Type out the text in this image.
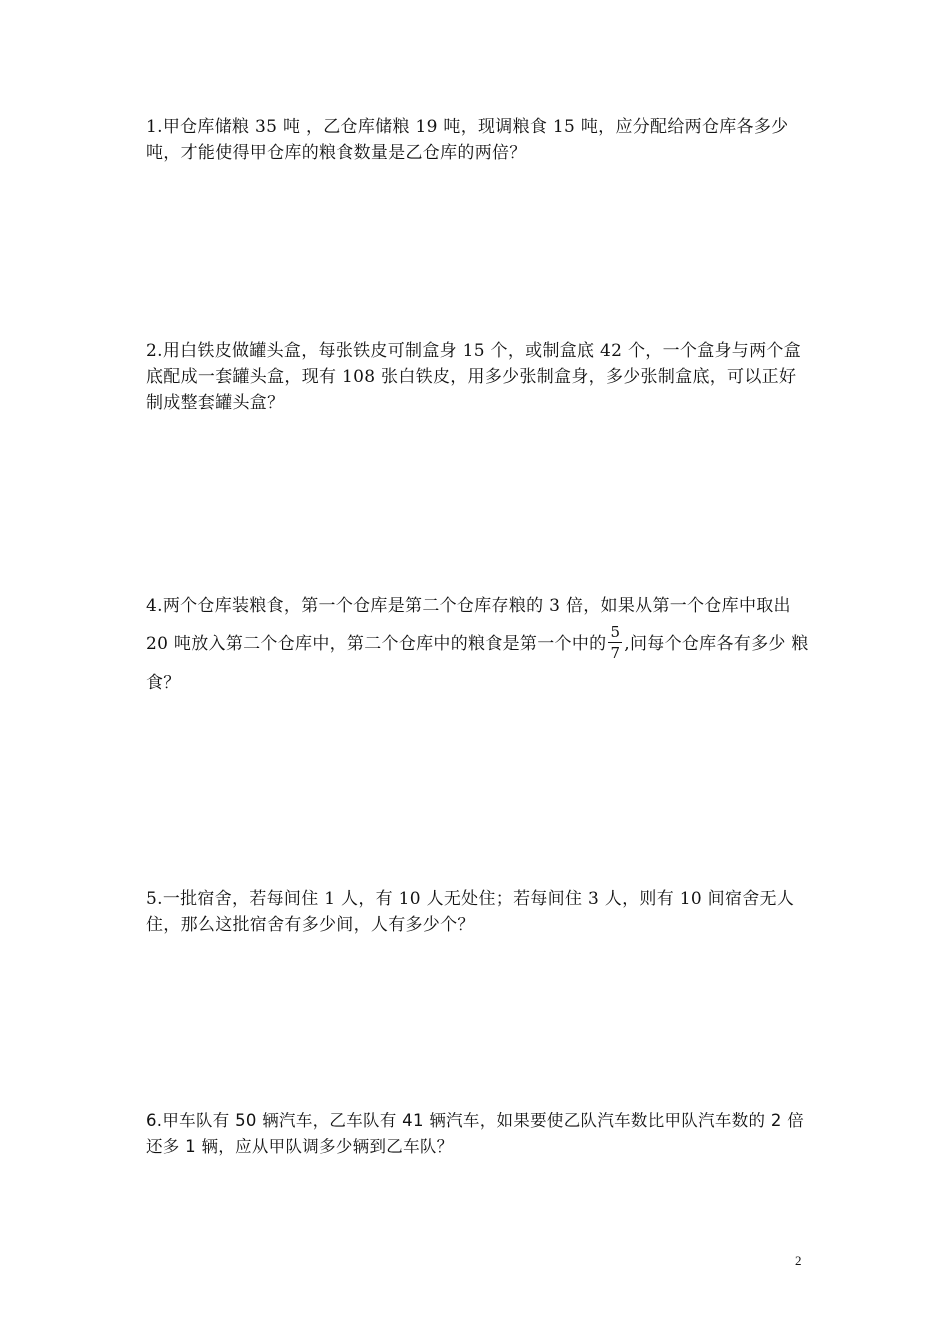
1.甲仓库储粮 35 吨 ，乙仓库储粮 19 吨，现调粮食 15 吨，应分配给两仓库各多少吨，才能使得甲仓库的粮食数量是乙仓库的两倍？

2.用白铁皮做罐头盒，每张铁皮可制盒身 15 个，或制盒底 42 个，一个盒身与两个盒底配成一套罐头盒，现有 108 张白铁皮，用多少张制盒身，多少张制盒底，可以正好制成整套罐头盒？

4.两个仓库装粮食，第一个仓库是第二个仓库存粮的 3 倍，如果从第一个仓库中取出 20 吨放入第二个仓库中，第二个仓库中的粮食是第一个中的 $\frac{5}{7}$ ,问每个仓库各有多少 粮食？

5.一批宿舍，若每间住 1 人，有 10 人无处住；若每间住 3 人，则有 10 间宿舍无人住，那么这批宿舍有多少间，人有多少个？

6.甲车队有 50 辆汽车，乙车队有 41 辆汽车，如果要使乙队汽车数比甲队汽车数的 2 倍还多 1 辆，应从甲队调多少辆到乙车队？

2
